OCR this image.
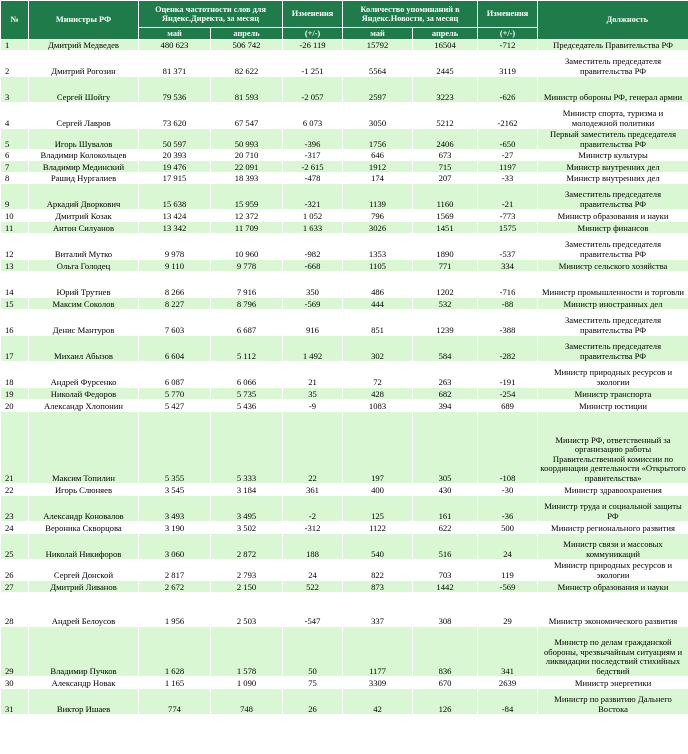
№	Министры РФ	Оценка частотности слов для Яндекс.Директа, за месяц		Изменения	Количество упоминаний в Яндекс.Новости, за месяц		Изменения	Должность
		май	апрель	(+/-)	май	апрель	(+/-)	
1	Дмитрий Медведев	480 623	506 742	-26 119	15792	16504	-712	Председатель Правительства РФ
2	Дмитрий Рогозин	81 371	82 622	-1 251	5564	2445	3119	Заместитель председателя правительства РФ
3	Сергей Шойгу	79 536	81 593	-2 057	2597	3223	-626	Министр обороны РФ, генерал армии
4	Сергей Лавров	73 620	67 547	6 073	3050	5212	-2162	Министр спорта, туризма и молодежной политики
5	Игорь Шувалов	50 597	50 993	-396	1756	2406	-650	Первый заместитель председателя правительства РФ
6	Владимир Колокольцев	20 393	20 710	-317	646	673	-27	Министр культуры
7	Владимир Мединский	19 476	22 091	-2 615	1912	715	1197	Министр внутренних дел
8	Рашид Нургалиев	17 915	18 393	-478	174	207	-33	Министр внутренних дел
9	Аркадий Дворкович	15 638	15 959	-321	1139	1160	-21	Заместитель председателя правительства РФ
10	Дмитрий Козак	13 424	12 372	1 052	796	1569	-773	Министр образования и науки
11	Антон Силуанов	13 342	11 709	1 633	3026	1451	1575	Министр финансов
12	Виталий Мутко	9 978	10 960	-982	1353	1890	-537	Заместитель председателя правительства РФ
13	Ольга Голодец	9 110	9 778	-668	1105	771	334	Министр сельского хозяйства
14	Юрий Трутнев	8 266	7 916	350	486	1202	-716	Министр промышленности и торговли
15	Максим Соколов	8 227	8 796	-569	444	532	-88	Министр иностранных дел
16	Денис Мантуров	7 603	6 687	916	851	1239	-388	Заместитель председателя правительства РФ
17	Михаил Абызов	6 604	5 112	1 492	302	584	-282	Заместитель председателя правительства РФ
18	Андрей Фурсенко	6 087	6 066	21	72	263	-191	Министр природных ресурсов и экологии
19	Николай Федоров	5 770	5 735	35	428	682	-254	Министр транспорта
20	Александр Хлопонин	5 427	5 436	-9	1083	394	689	Министр юстиции
21	Максим Топилин	5 355	5 333	22	197	305	-108	Министр РФ, ответственный за организацию работы Правительственной комиссии по координации деятельности «Открытого правительства»
22	Игорь Слюняев	3 545	3 184	361	400	430	-30	Министр здравоохранения
23	Александр Коновалов	3 493	3 495	-2	125	161	-36	Министр труда и социальной защиты РФ
24	Вероника Скворцова	3 190	3 502	-312	1122	622	500	Министр регионального развития
25	Николай Никифоров	3 060	2 872	188	540	516	24	Министр связи и массовых коммуникаций
26	Сергей Донской	2 817	2 793	24	822	703	119	Министр природных ресурсов и экологии
27	Дмитрий Ливанов	2 672	2 150	522	873	1442	-569	Министр образования и науки
28	Андрей Белоусов	1 956	2 503	-547	337	308	29	Министр экономического развития
29	Владимир Пучков	1 628	1 578	50	1177	836	341	Министр по делам гражданской обороны, чрезвычайным ситуациям и ликвидации последствий стихийных бедствий
30	Александр Новак	1 165	1 090	75	3309	670	2639	Министр энергетики
31	Виктор Ишаев	774	748	26	42	126	-84	Министр по развитию Дальнего Востока
